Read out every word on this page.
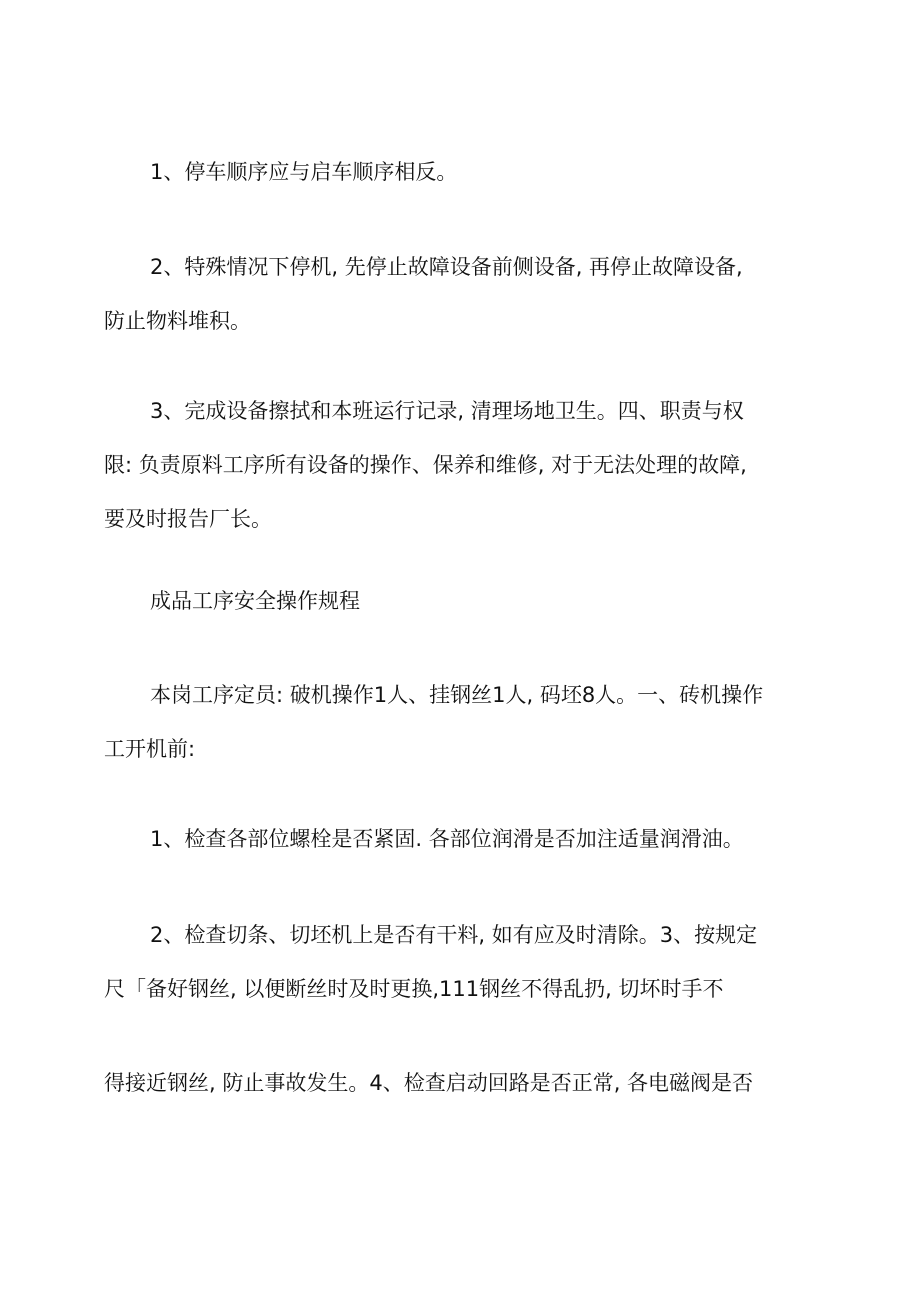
1、停车顺序应与启车顺序相反。
2、特殊情况下停机, 先停止故障设备前侧设备, 再停止故障设备,
防止物料堆积。
3、完成设备擦拭和本班运行记录, 清理场地卫生。四、职责与权
限: 负责原料工序所有设备的操作、保养和维修, 对于无法处理的故障,
要及时报告厂长。
成品工序安全操作规程
本岗工序定员: 破机操作1人、挂钢丝1人, 码坯8人。一、砖机操作
工开机前:
1、检查各部位螺栓是否紧固. 各部位润滑是否加注适量润滑油。
2、检查切条、切坯机上是否有干料, 如有应及时清除。3、按规定
尺「备好钢丝, 以便断丝时及时更换,111钢丝不得乱扔, 切坏时手不
得接近钢丝, 防止事故发生。4、检查启动回路是否正常, 各电磁阀是否
